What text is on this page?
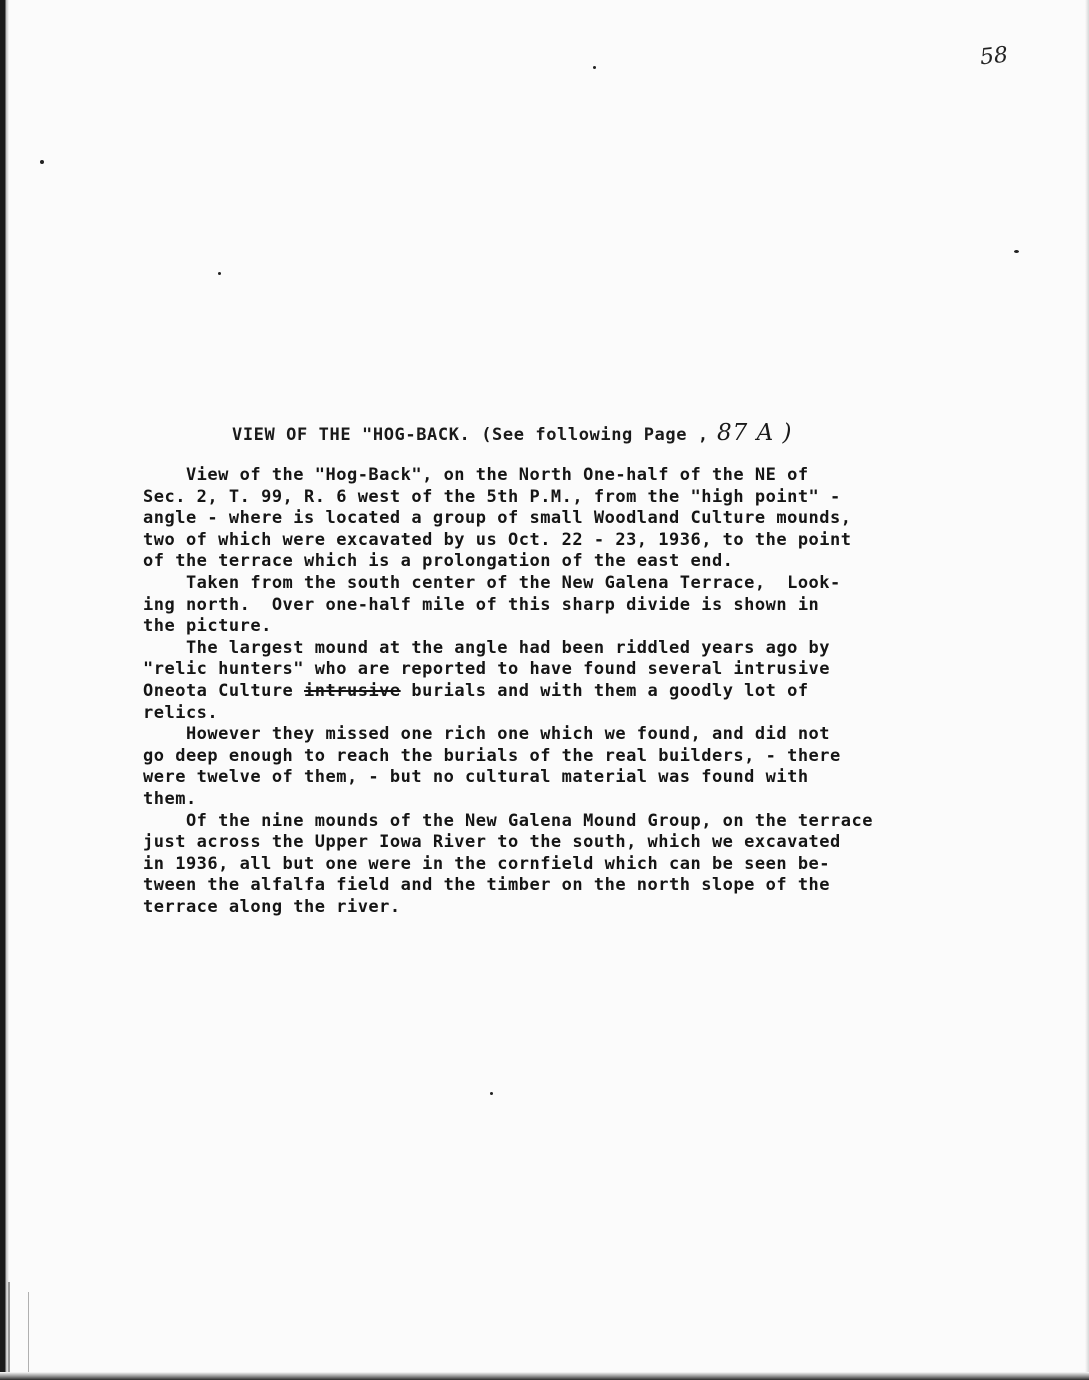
58
VIEW OF THE "HOG-BACK. (See following Page , 87 A )
View of the "Hog-Back", on the North One-half of the NE of
Sec. 2, T. 99, R. 6 west of the 5th P.M., from the "high point" -
angle - where is located a group of small Woodland Culture mounds,
two of which were excavated by us Oct. 22 - 23, 1936, to the point
of the terrace which is a prolongation of the east end.
Taken from the south center of the New Galena Terrace,  Look-
ing north.  Over one-half mile of this sharp divide is shown in
the picture.
The largest mound at the angle had been riddled years ago by
"relic hunters" who are reported to have found several intrusive
Oneota Culture intrusive burials and with them a goodly lot of
relics.
However they missed one rich one which we found, and did not
go deep enough to reach the burials of the real builders, - there
were twelve of them, - but no cultural material was found with
them.
Of the nine mounds of the New Galena Mound Group, on the terrace
just across the Upper Iowa River to the south, which we excavated
in 1936, all but one were in the cornfield which can be seen be-
tween the alfalfa field and the timber on the north slope of the
terrace along the river.
